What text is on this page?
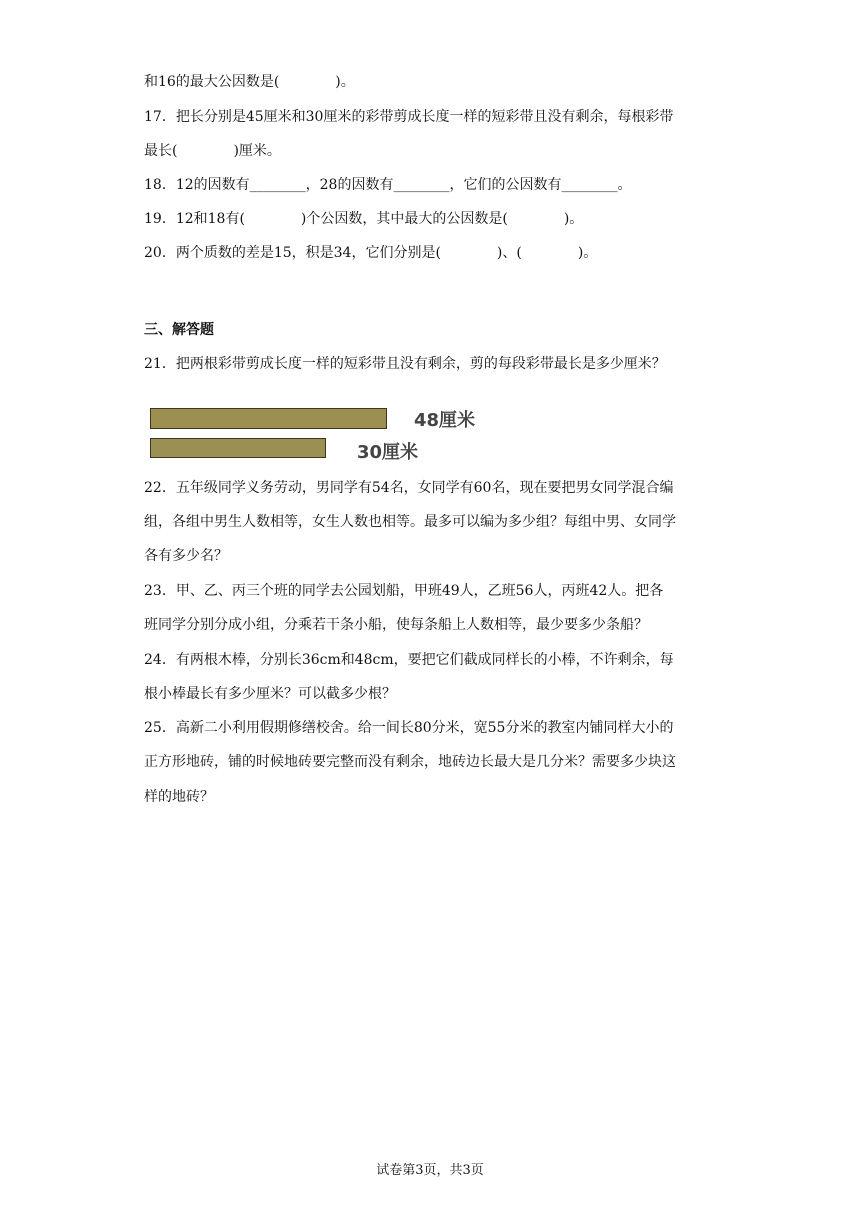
和16的最大公因数是(　　　　)。
17．把长分别是45厘米和30厘米的彩带剪成长度一样的短彩带且没有剩余，每根彩带
最长(　　　　)厘米。
18．12的因数有________，28的因数有________，它们的公因数有________。
19．12和18有(　　　　)个公因数，其中最大的公因数是(　　　　)。
20．两个质数的差是15，积是34，它们分别是(　　　　)、(　　　　)。
三、解答题
21．把两根彩带剪成长度一样的短彩带且没有剩余，剪的每段彩带最长是多少厘米？
48厘米
30厘米
22．五年级同学义务劳动，男同学有54名，女同学有60名，现在要把男女同学混合编
组，各组中男生人数相等，女生人数也相等。最多可以编为多少组？每组中男、女同学
各有多少名？
23．甲、乙、丙三个班的同学去公园划船，甲班49人，乙班56人，丙班42人。把各
班同学分别分成小组，分乘若干条小船，使每条船上人数相等，最少要多少条船？
24．有两根木棒，分别长36cm和48cm，要把它们截成同样长的小棒，不许剩余，每
根小棒最长有多少厘米？可以截多少根？
25．高新二小利用假期修缮校舍。给一间长80分米，宽55分米的教室内铺同样大小的
正方形地砖，铺的时候地砖要完整而没有剩余，地砖边长最大是几分米？需要多少块这
样的地砖？
试卷第3页，共3页
